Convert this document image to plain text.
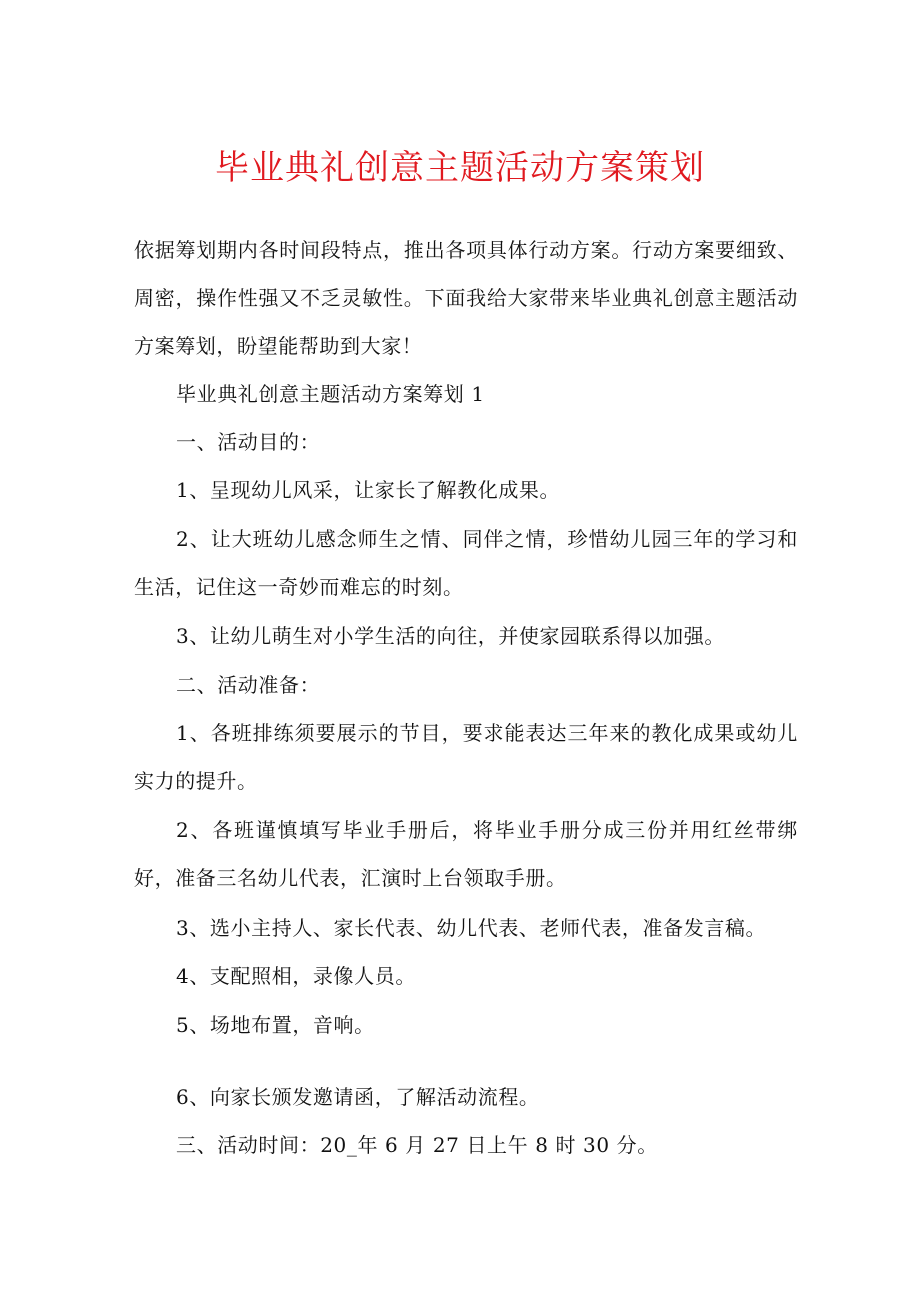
毕业典礼创意主题活动方案策划

依据筹划期内各时间段特点，推出各项具体行动方案。行动方案要细致、周密，操作性强又不乏灵敏性。下面我给大家带来毕业典礼创意主题活动方案筹划，盼望能帮助到大家！

毕业典礼创意主题活动方案筹划 1

一、活动目的：

1、呈现幼儿风采，让家长了解教化成果。

2、让大班幼儿感念师生之情、同伴之情，珍惜幼儿园三年的学习和生活，记住这一奇妙而难忘的时刻。

3、让幼儿萌生对小学生活的向往，并使家园联系得以加强。

二、活动准备：

1、各班排练须要展示的节目，要求能表达三年来的教化成果或幼儿实力的提升。

2、各班谨慎填写毕业手册后，将毕业手册分成三份并用红丝带绑好，准备三名幼儿代表，汇演时上台领取手册。

3、选小主持人、家长代表、幼儿代表、老师代表，准备发言稿。

4、支配照相，录像人员。

5、场地布置，音响。

6、向家长颁发邀请函，了解活动流程。

三、活动时间：20_年 6 月 27 日上午 8 时 30 分。
